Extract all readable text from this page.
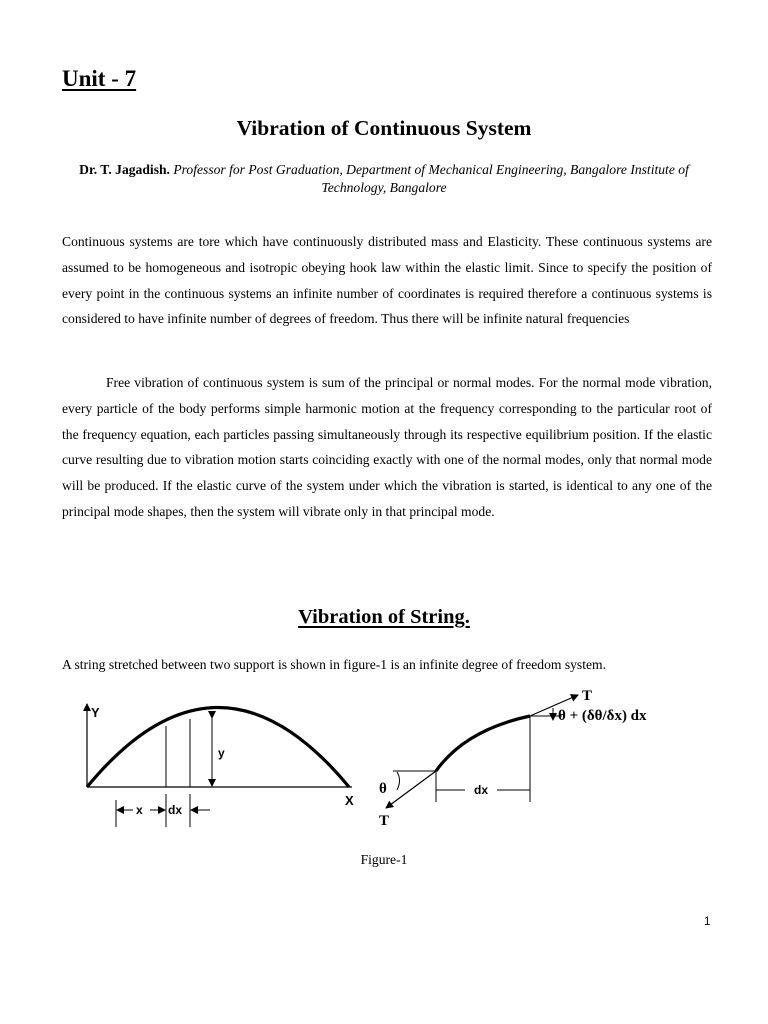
Unit - 7
Vibration of Continuous System

Dr. T. Jagadish. Professor for Post Graduation, Department of Mechanical Engineering, Bangalore Institute of Technology, Bangalore

Continuous systems are tore which have continuously distributed mass and Elasticity. These continuous systems are assumed to be homogeneous and isotropic obeying hook law within the elastic limit. Since to specify the position of every point in the continuous systems an infinite number of coordinates is required therefore a continuous systems is considered to have infinite number of degrees of freedom. Thus there will be infinite natural frequencies

Free vibration of continuous system is sum of the principal or normal modes. For the normal mode vibration, every particle of the body performs simple harmonic motion at the frequency corresponding to the particular root of the frequency equation, each particles passing simultaneously through its respective equilibrium position. If the elastic curve resulting due to vibration motion starts coinciding exactly with one of the normal modes, only that normal mode will be produced. If the elastic curve of the system under which the vibration is started, is identical to any one of the principal mode shapes, then the system will vibrate only in that principal mode.

Vibration of String.

A string stretched between two support is shown in figure-1 is an infinite degree of freedom system.

Y
X
y
x dx
T
θ + (δθ/δx) dx
T
θ	dx

Figure-1

1
